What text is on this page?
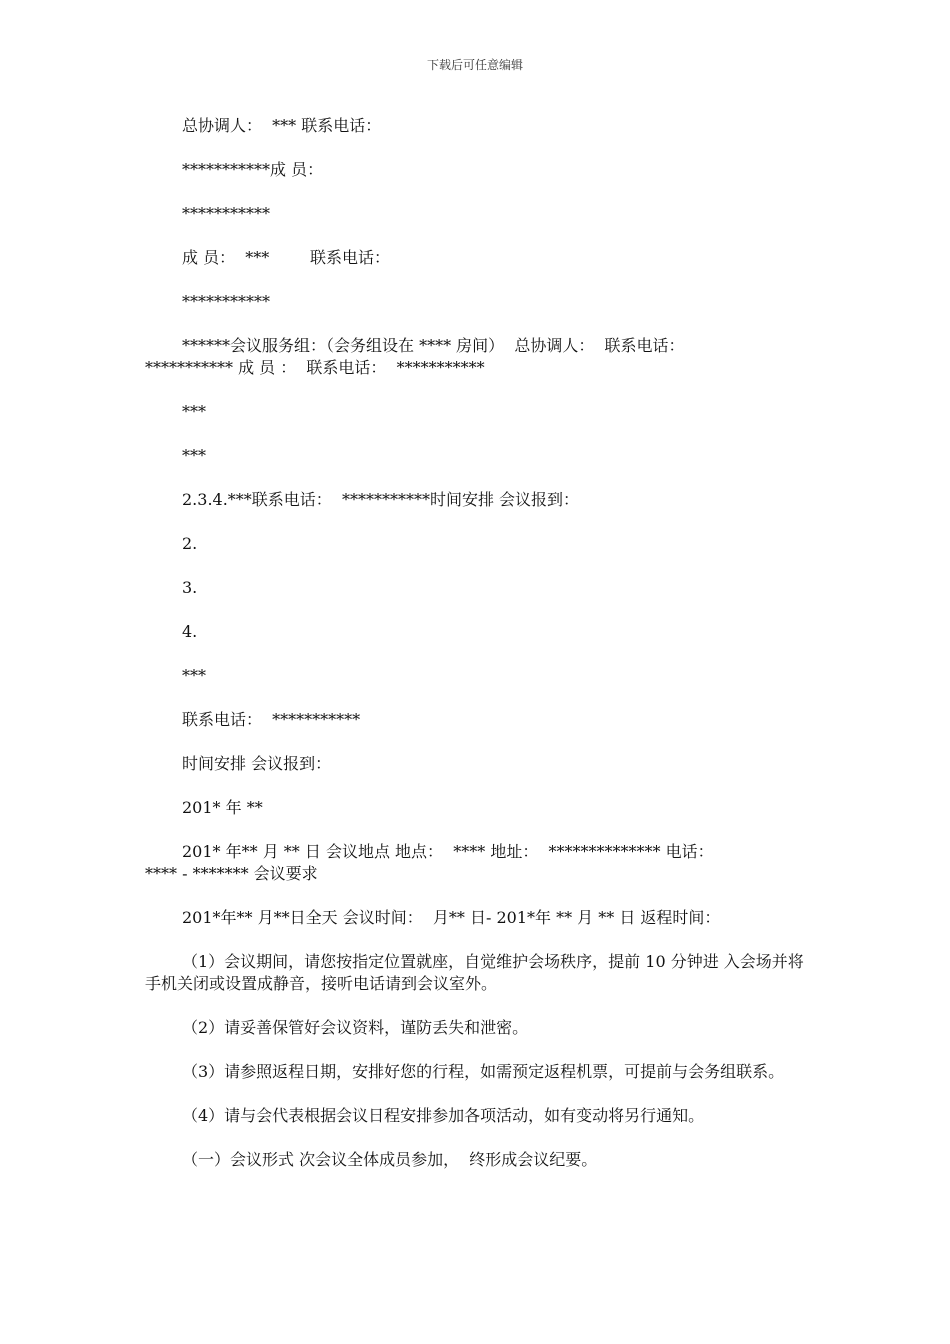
下载后可任意编辑

总协调人：  *** 联系电话：

***********成 员：

***********

成 员：  ***        联系电话：

***********

******会议服务组：（会务组设在 **** 房间）  总协调人：  联系电话：
*********** 成 员 ：  联系电话：  ***********

***

***

2.3.4.***联系电话：  ***********时间安排 会议报到：

2.

3.

4.

***

联系电话：  ***********

时间安排 会议报到：

201* 年 **

201* 年** 月 ** 日 会议地点 地点：  **** 地址：  ************** 电话：
**** - ******* 会议要求

201*年** 月**日全天 会议时间：  月** 日- 201*年 ** 月 ** 日 返程时间：

（1）会议期间，请您按指定位置就座，自觉维护会场秩序，提前 10 分钟进 入会场并将手机关闭或设置成静音，接听电话请到会议室外。

（2）请妥善保管好会议资料，谨防丢失和泄密。

（3）请参照返程日期，安排好您的行程，如需预定返程机票，可提前与会务组联系。

（4）请与会代表根据会议日程安排参加各项活动，如有变动将另行通知。

（一）会议形式 次会议全体成员参加，  终形成会议纪要。
